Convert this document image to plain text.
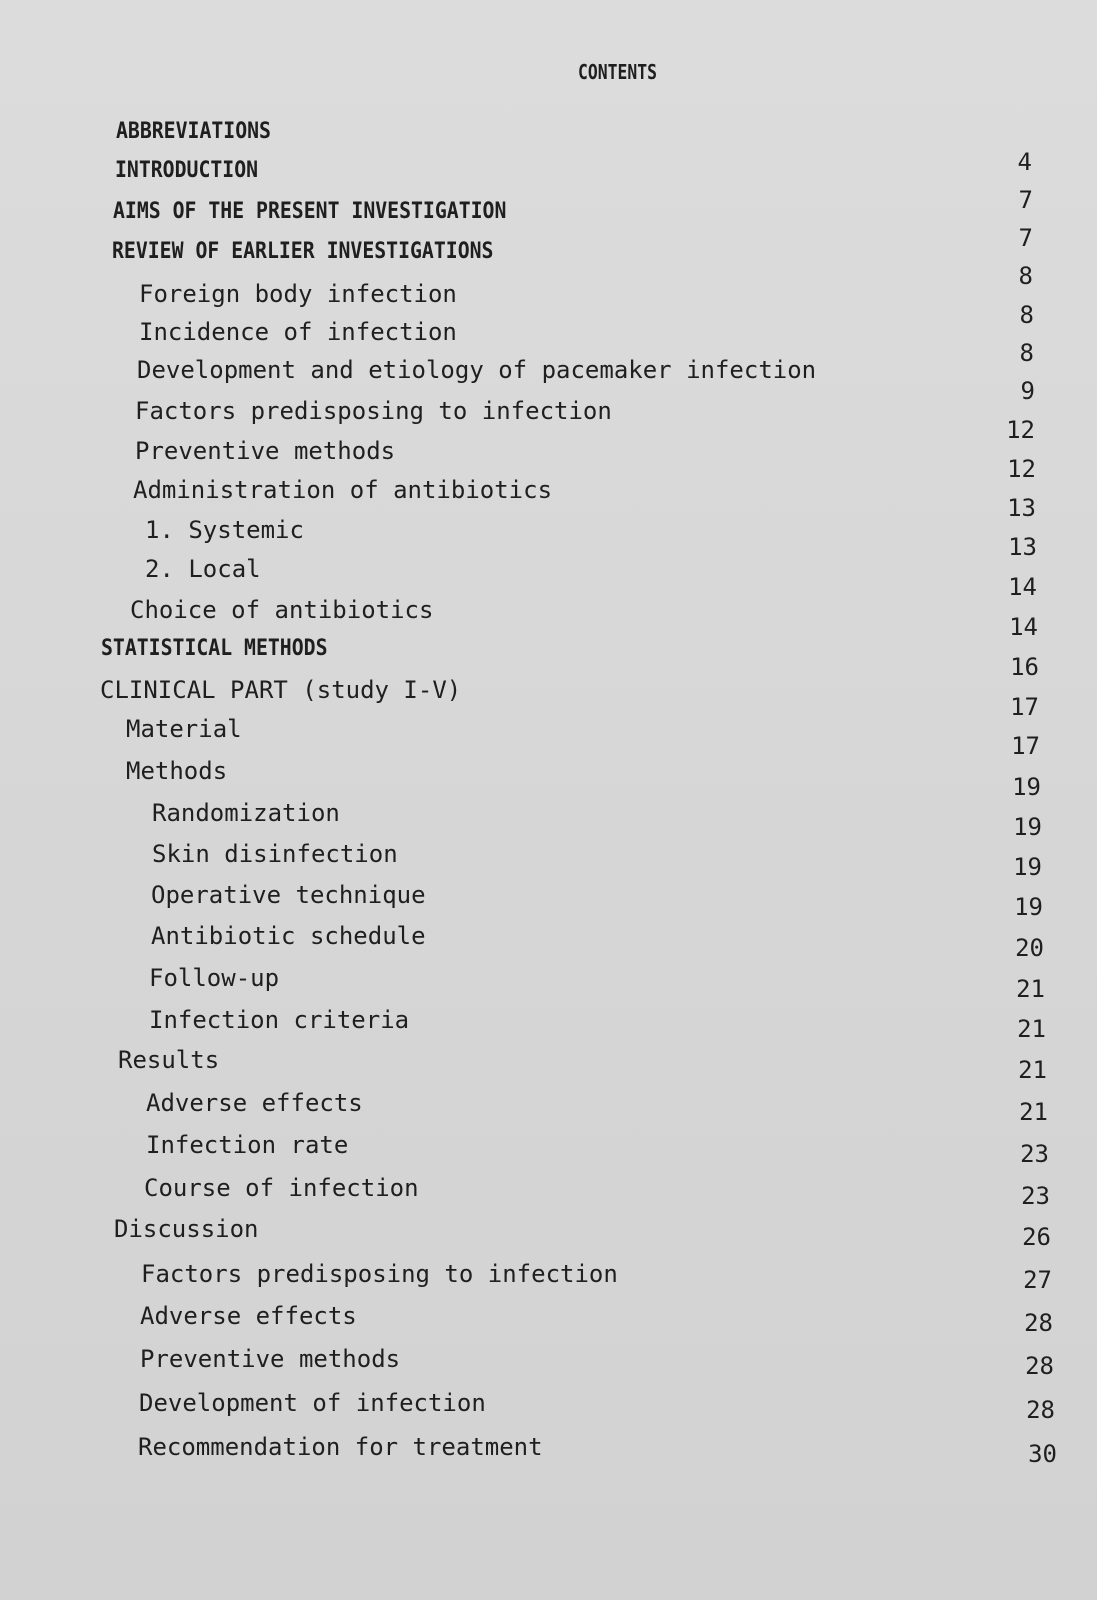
CONTENTS
ABBREVIATIONS
INTRODUCTION
AIMS OF THE PRESENT INVESTIGATION
REVIEW OF EARLIER INVESTIGATIONS
Foreign body infection
Incidence of infection
Development and etiology of pacemaker infection
Factors predisposing to infection
Preventive methods
Administration of antibiotics
1. Systemic
2. Local
Choice of antibiotics
STATISTICAL METHODS
CLINICAL PART (study I-V)
Material
Methods
Randomization
Skin disinfection
Operative technique
Antibiotic schedule
Follow-up
Infection criteria
Results
Adverse effects
Infection rate
Course of infection
Discussion
Factors predisposing to infection
Adverse effects
Preventive methods
Development of infection
Recommendation for treatment
4
7
7
8
8
8
9
12
12
13
13
14
14
16
17
17
19
19
19
19
20
21
21
21
21
23
23
26
27
28
28
28
30
